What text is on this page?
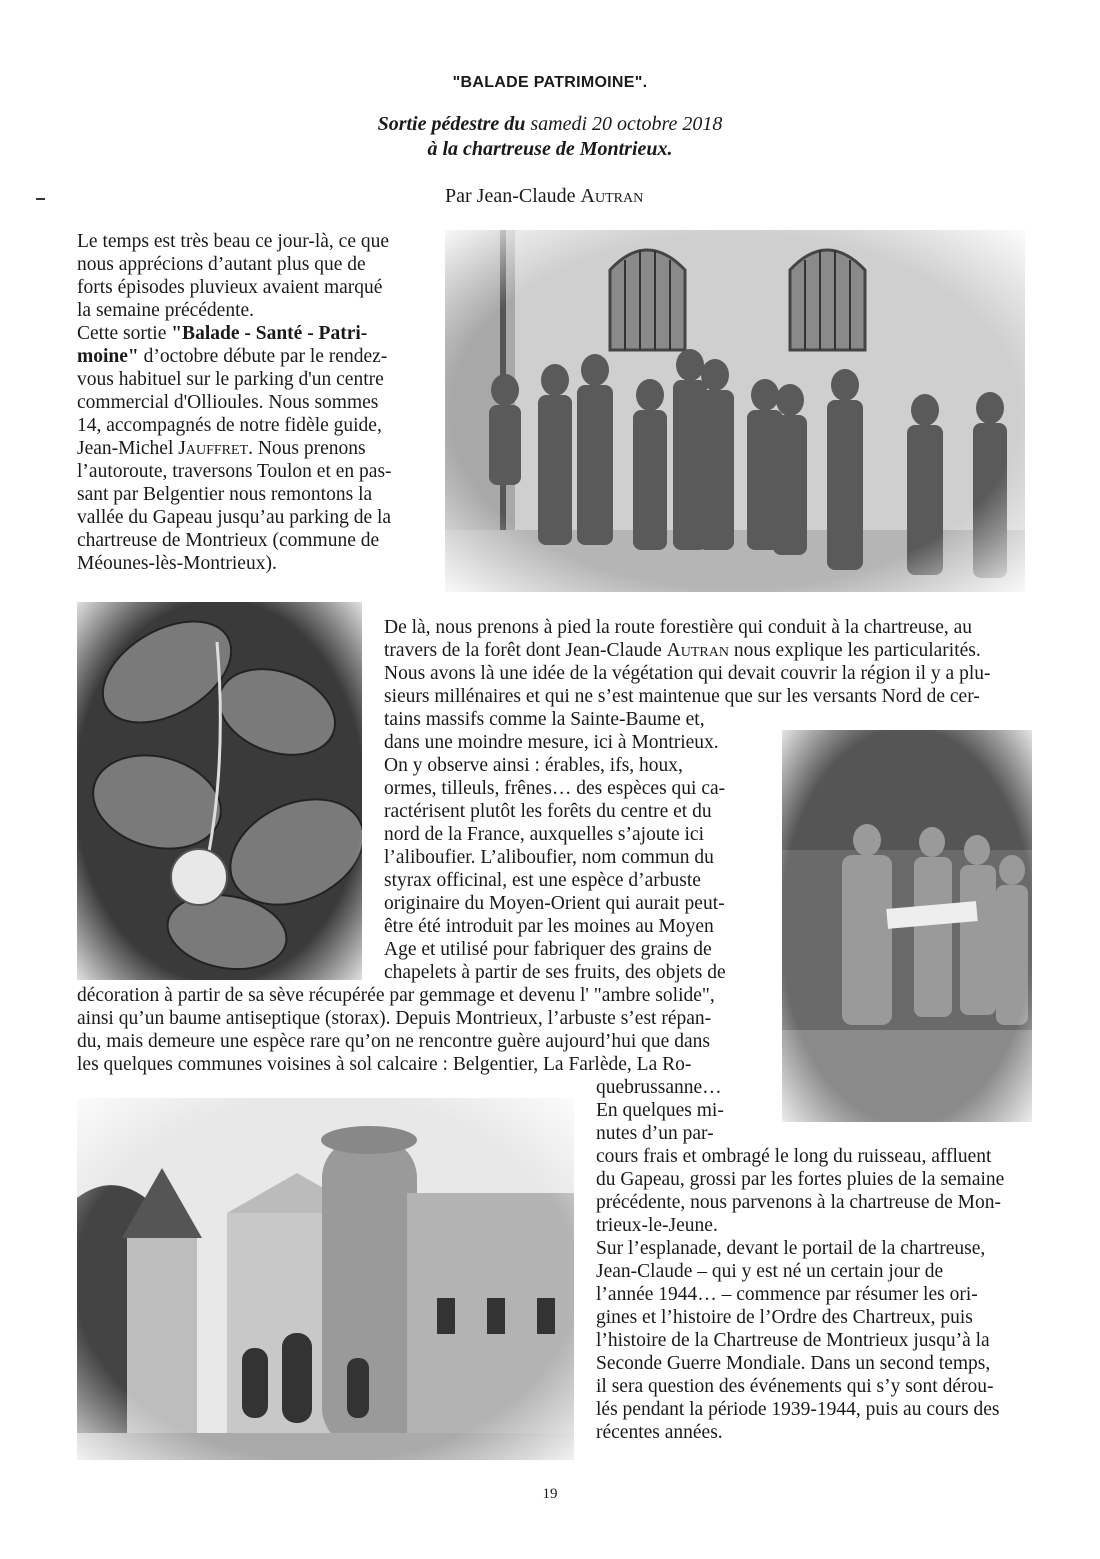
"BALADE PATRIMOINE".
Sortie pédestre du samedi 20 octobre 2018
à la chartreuse de Montrieux.
Par Jean-Claude Autran
Le temps est très beau ce jour-là, ce que
nous apprécions d’autant plus que de
forts épisodes pluvieux avaient marqué
la semaine précédente.
Cette sortie "Balade - Santé - Patri-
moine" d’octobre débute par le rendez-
vous habituel sur le parking d'un centre
commercial d'Ollioules. Nous sommes
14, accompagnés de notre fidèle guide,
Jean-Michel Jauffret. Nous prenons
l’autoroute, traversons Toulon et en pas-
sant par Belgentier nous remontons la
vallée du Gapeau jusqu’au parking de la
chartreuse de Montrieux (commune de
Méounes-lès-Montrieux).
De là, nous prenons à pied la route forestière qui conduit à la chartreuse, au
travers de la forêt dont Jean-Claude Autran nous explique les particularités.
Nous avons là une idée de la végétation qui devait couvrir la région il y a plu-
sieurs millénaires et qui ne s’est maintenue que sur les versants Nord de cer-
tains massifs comme la Sainte-Baume et,
dans une moindre mesure, ici à Montrieux.
On y observe ainsi : érables, ifs, houx,
ormes, tilleuls, frênes… des espèces qui ca-
ractérisent plutôt les forêts du centre et du
nord de la France, auxquelles s’ajoute ici
l’aliboufier. L’aliboufier, nom commun du
styrax officinal, est une espèce d’arbuste
originaire du Moyen-Orient qui aurait peut-
être été introduit par les moines au Moyen
Age et utilisé pour fabriquer des grains de
chapelets à partir de ses fruits, des objets de
décoration à partir de sa sève récupérée par gemmage et devenu l' "ambre solide",
ainsi qu’un baume antiseptique (storax). Depuis Montrieux, l’arbuste s’est répan-
du, mais demeure une espèce rare qu’on ne rencontre guère aujourd’hui que dans
les quelques communes voisines à sol calcaire : Belgentier, La Farlède, La Ro-
quebrussanne…
En quelques mi-
nutes d’un par-
cours frais et ombragé le long du ruisseau, affluent
du Gapeau, grossi par les fortes pluies de la semaine
précédente, nous parvenons à la chartreuse de Mon-
trieux-le-Jeune.
Sur l’esplanade, devant le portail de la chartreuse,
Jean-Claude – qui y est né un certain jour de
l’année 1944… – commence par résumer les ori-
gines et l’histoire de l’Ordre des Chartreux, puis
l’histoire de la Chartreuse de Montrieux jusqu’à la
Seconde Guerre Mondiale. Dans un second temps,
il sera question des événements qui s’y sont dérou-
lés pendant la période 1939-1944, puis au cours des
récentes années.
19
